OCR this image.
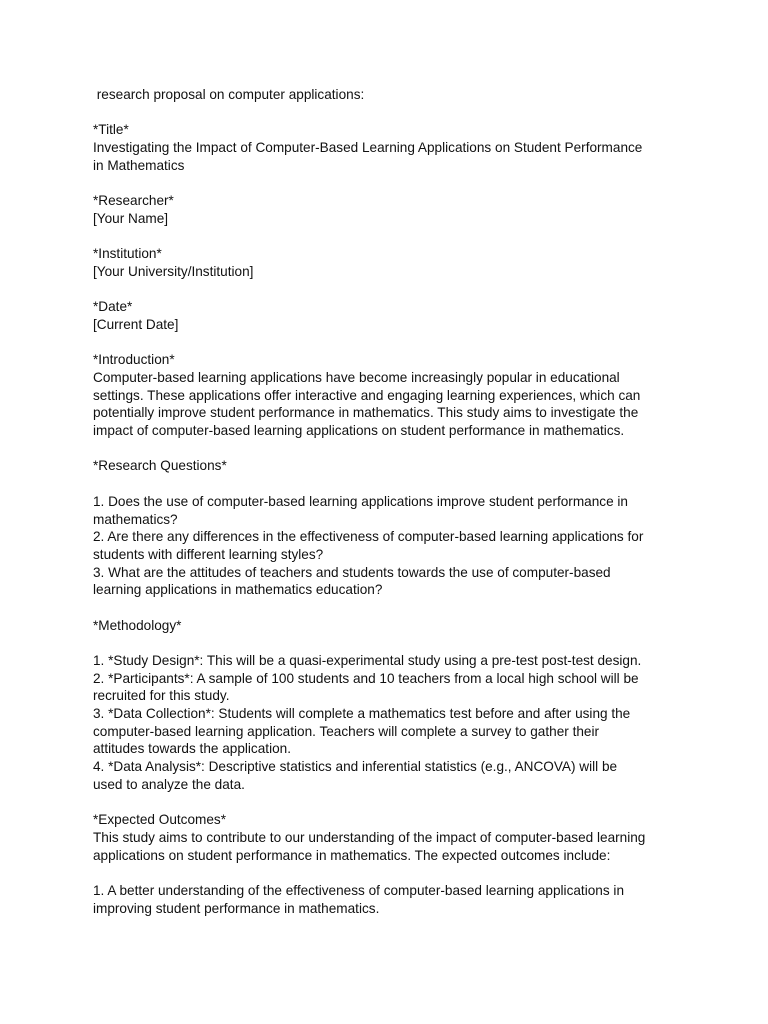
research proposal on computer applications:
*Title*
Investigating the Impact of Computer-Based Learning Applications on Student Performance
in Mathematics
*Researcher*
[Your Name]
*Institution*
[Your University/Institution]
*Date*
[Current Date]
*Introduction*
Computer-based learning applications have become increasingly popular in educational
settings. These applications offer interactive and engaging learning experiences, which can
potentially improve student performance in mathematics. This study aims to investigate the
impact of computer-based learning applications on student performance in mathematics.
*Research Questions*
1. Does the use of computer-based learning applications improve student performance in
mathematics?
2. Are there any differences in the effectiveness of computer-based learning applications for
students with different learning styles?
3. What are the attitudes of teachers and students towards the use of computer-based
learning applications in mathematics education?
*Methodology*
1. *Study Design*: This will be a quasi-experimental study using a pre-test post-test design.
2. *Participants*: A sample of 100 students and 10 teachers from a local high school will be
recruited for this study.
3. *Data Collection*: Students will complete a mathematics test before and after using the
computer-based learning application. Teachers will complete a survey to gather their
attitudes towards the application.
4. *Data Analysis*: Descriptive statistics and inferential statistics (e.g., ANCOVA) will be
used to analyze the data.
*Expected Outcomes*
This study aims to contribute to our understanding of the impact of computer-based learning
applications on student performance in mathematics. The expected outcomes include:
1. A better understanding of the effectiveness of computer-based learning applications in
improving student performance in mathematics.
